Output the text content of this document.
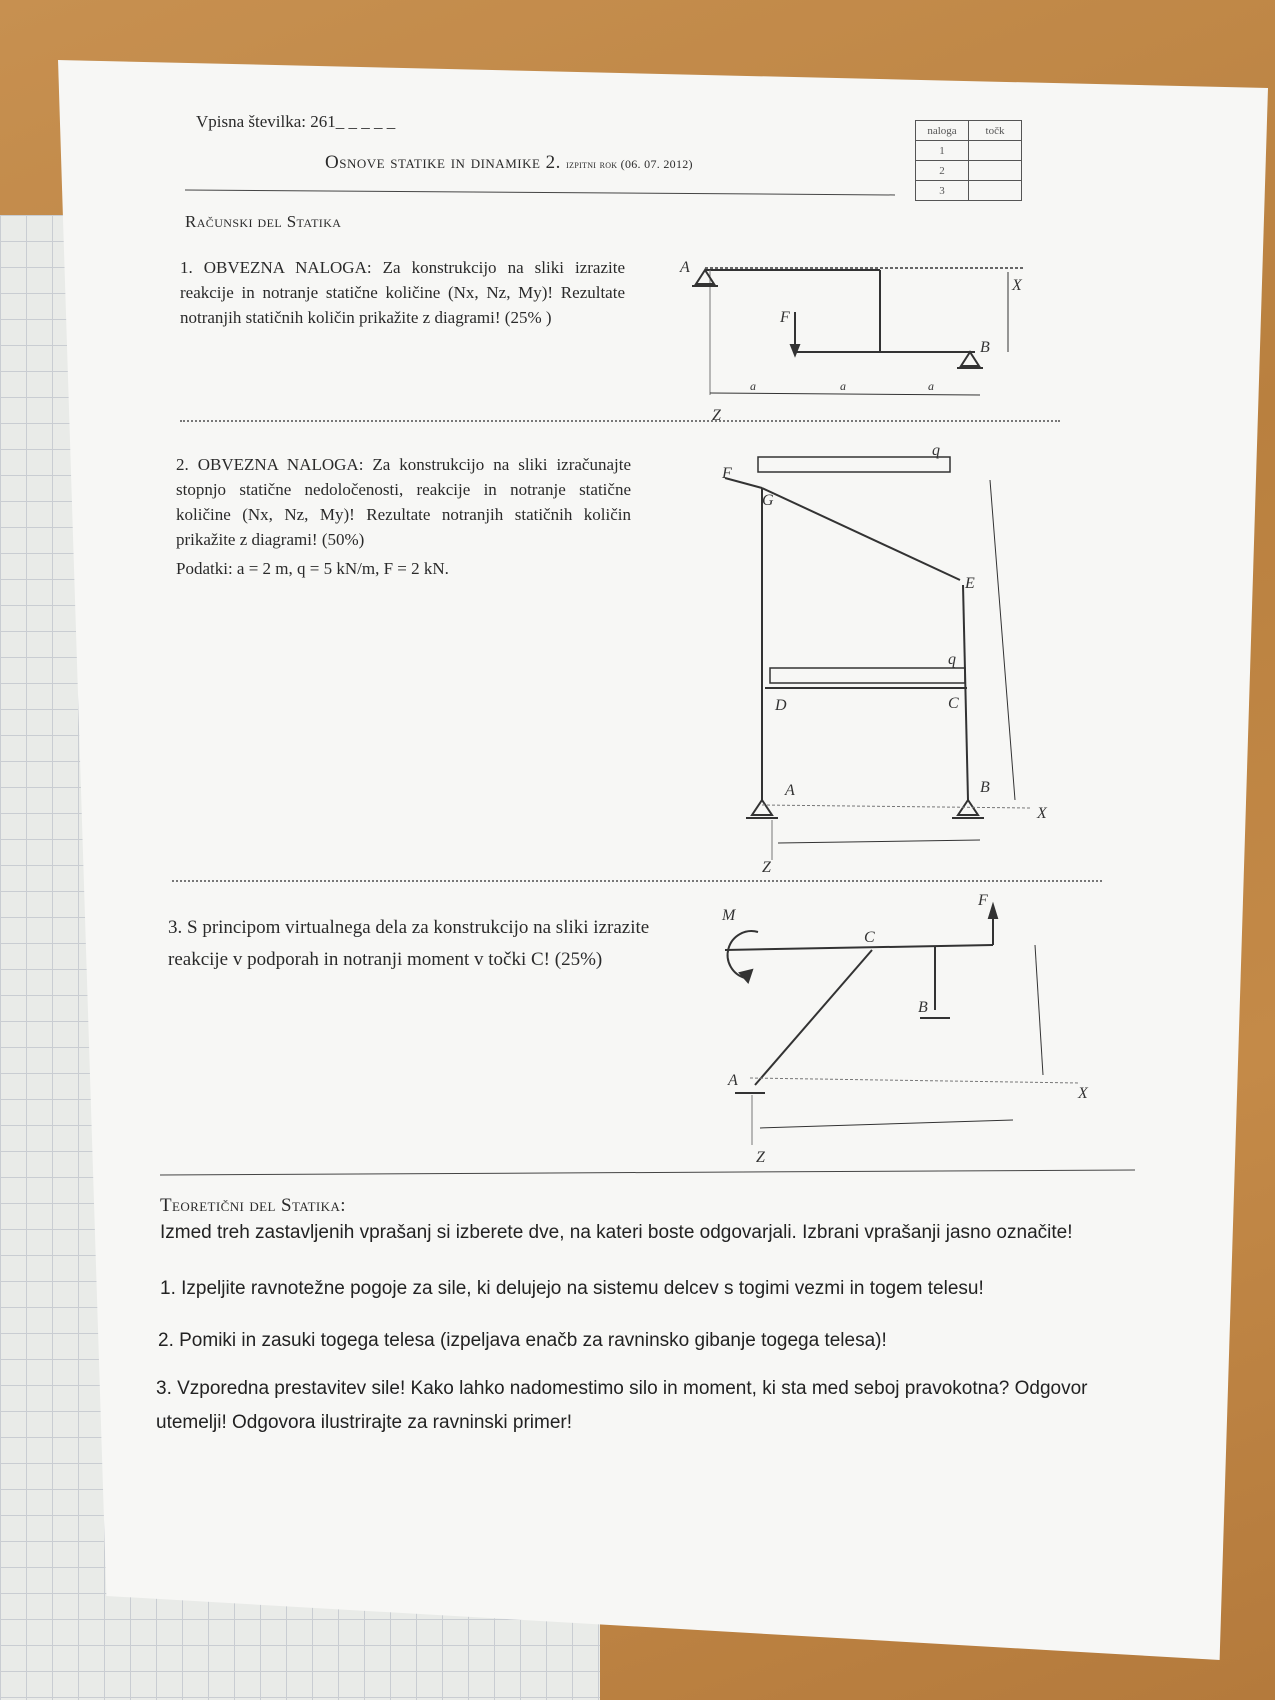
Vpisna številka: 261_ _ _ _ _
Osnove statike in dinamike 2. izpitni rok (06. 07. 2012)
naloga	točk
1	
2	
3	
Računski del Statika
1. OBVEZNA NALOGA: Za konstrukcijo na sliki izrazite reakcije in notranje statične količine (Nx, Nz, My)! Rezultate notranjih statičnih količin prikažite z diagrami! (25% )
2. OBVEZNA NALOGA: Za konstrukcijo na sliki izračunajte stopnjo statične nedoločenosti, reakcije in notranje statične količine (Nx, Nz, My)! Rezultate notranjih statičnih količin prikažite z diagrami! (50%)
Podatki: a = 2 m, q = 5 kN/m, F = 2 kN.
3. S principom virtualnega dela za konstrukcijo na sliki izrazite reakcije v podporah in notranji moment v točki C! (25%)
A
F
B
X
Z
a	a	a
F
G
q
E
q
D	C
A	B
X
Z
M
F
C
B
A
X
Z
Teoretični del Statika:
Izmed treh zastavljenih vprašanj si izberete dve, na kateri boste odgovarjali. Izbrani vprašanji jasno označite!
1. Izpeljite ravnotežne pogoje za sile, ki delujejo na sistemu delcev s togimi vezmi in togem telesu!
2. Pomiki in zasuki togega telesa (izpeljava enačb za ravninsko gibanje togega telesa)!
3. Vzporedna prestavitev sile! Kako lahko nadomestimo silo in moment, ki sta med seboj pravokotna? Odgovor utemelji! Odgovora ilustrirajte za ravninski primer!
